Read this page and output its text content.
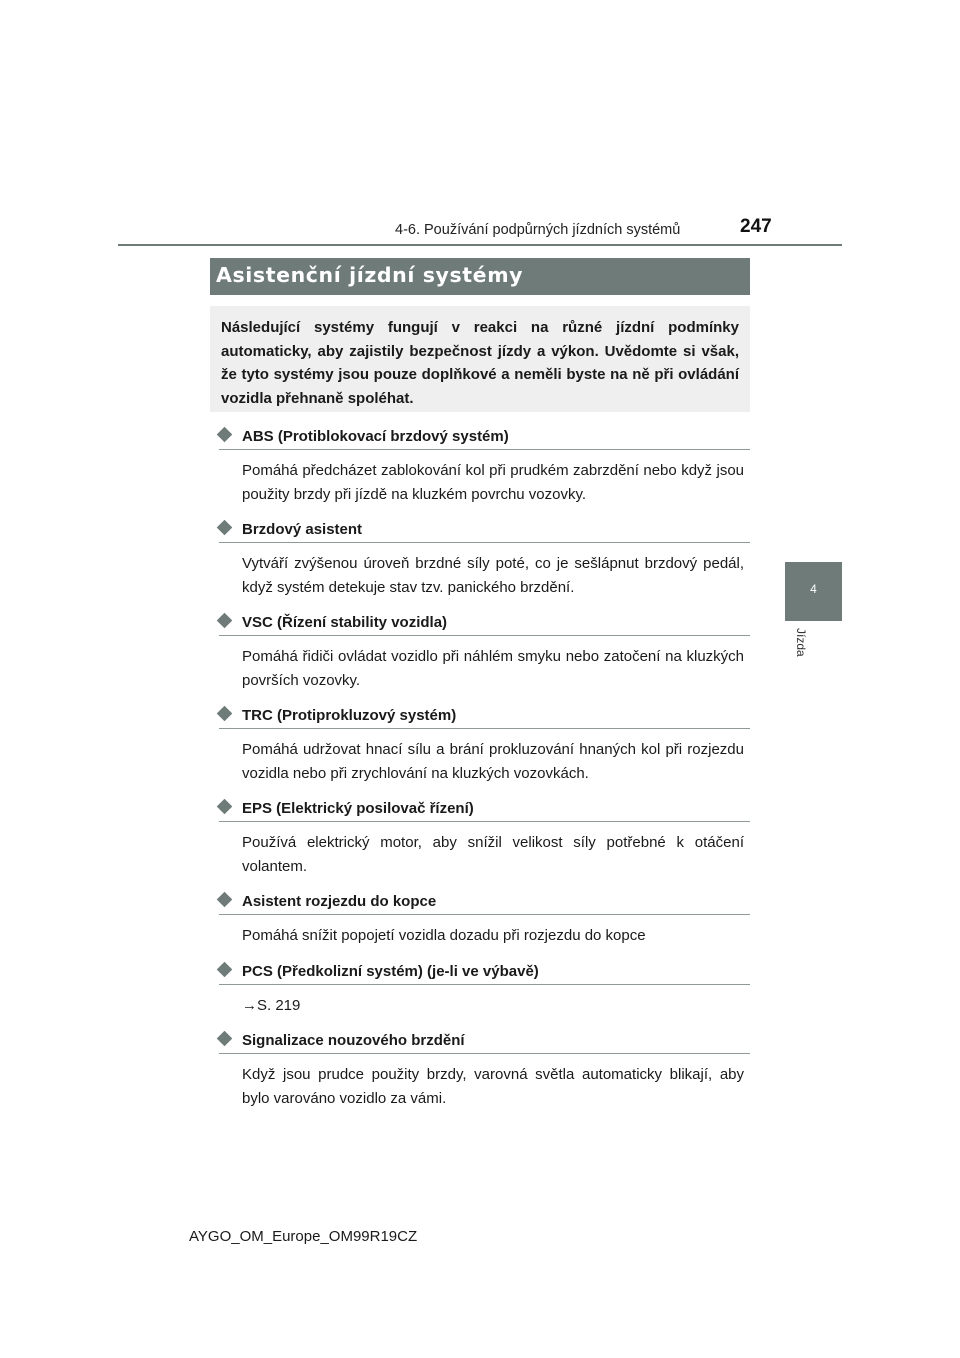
4-6. Používání podpůrných jízdních systémů	247
4
Jízda
Asistenční jízdní systémy

Následující systémy fungují v reakci na různé jízdní podmínky automaticky, aby zajistily bezpečnost jízdy a výkon. Uvědomte si však, že tyto systémy jsou pouze doplňkové a neměli byste na ně při ovládání vozidla přehnaně spoléhat.

ABS (Protiblokovací brzdový systém)

Pomáhá předcházet zablokování kol při prudkém zabrzdění nebo když jsou použity brzdy při jízdě na kluzkém povrchu vozovky.

Brzdový asistent

Vytváří zvýšenou úroveň brzdné síly poté, co je sešlápnut brzdový pedál, když systém detekuje stav tzv. panického brzdění.

VSC (Řízení stability vozidla)

Pomáhá řidiči ovládat vozidlo při náhlém smyku nebo zatočení na kluzkých površích vozovky.

TRC (Protiprokluzový systém)

Pomáhá udržovat hnací sílu a brání prokluzování hnaných kol při rozjezdu vozidla nebo při zrychlování na kluzkých vozovkách.

EPS (Elektrický posilovač řízení)

Používá elektrický motor, aby snížil velikost síly potřebné k otáčení volantem.

Asistent rozjezdu do kopce

Pomáhá snížit popojetí vozidla dozadu při rozjezdu do kopce

PCS (Předkolizní systém) (je-li ve výbavě)

→S. 219

Signalizace nouzového brzdění

Když jsou prudce použity brzdy, varovná světla automaticky blikají, aby bylo varováno vozidlo za vámi.

AYGO_OM_Europe_OM99R19CZ
